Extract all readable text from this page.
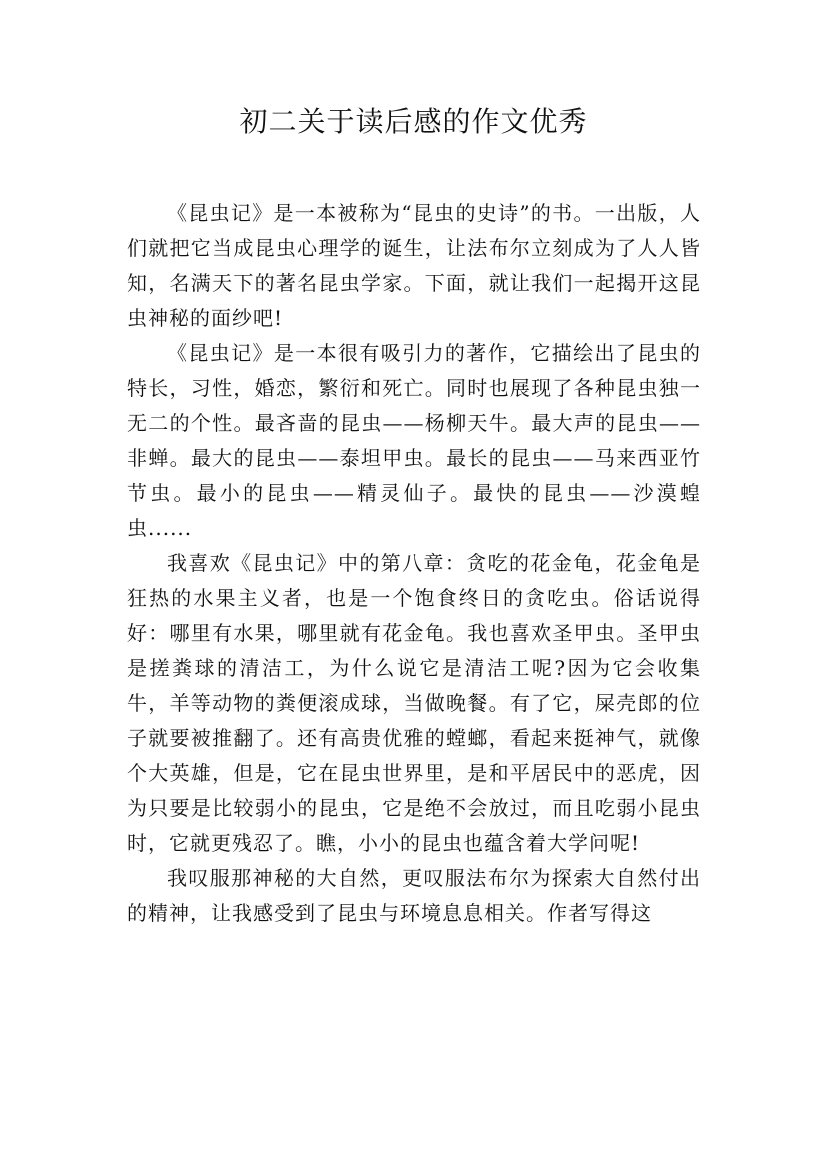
初二关于读后感的作文优秀

《昆虫记》是一本被称为“昆虫的史诗”的书。一出版，人们就把它当成昆虫心理学的诞生，让法布尔立刻成为了人人皆知，名满天下的著名昆虫学家。下面，就让我们一起揭开这昆虫神秘的面纱吧!

《昆虫记》是一本很有吸引力的著作，它描绘出了昆虫的特长，习性，婚恋，繁衍和死亡。同时也展现了各种昆虫独一无二的个性。最吝啬的昆虫——杨柳天牛。最大声的昆虫——非蝉。最大的昆虫——泰坦甲虫。最长的昆虫——马来西亚竹节虫。最小的昆虫——精灵仙子。最快的昆虫——沙漠蝗虫......

我喜欢《昆虫记》中的第八章：贪吃的花金龟，花金龟是狂热的水果主义者，也是一个饱食终日的贪吃虫。俗话说得好：哪里有水果，哪里就有花金龟。我也喜欢圣甲虫。圣甲虫是搓粪球的清洁工，为什么说它是清洁工呢?因为它会收集牛，羊等动物的粪便滚成球，当做晚餐。有了它，屎壳郎的位子就要被推翻了。还有高贵优雅的螳螂，看起来挺神气，就像个大英雄，但是，它在昆虫世界里，是和平居民中的恶虎，因为只要是比较弱小的昆虫，它是绝不会放过，而且吃弱小昆虫时，它就更残忍了。瞧，小小的昆虫也蕴含着大学问呢!

我叹服那神秘的大自然，更叹服法布尔为探索大自然付出的精神，让我感受到了昆虫与环境息息相关。作者写得这
